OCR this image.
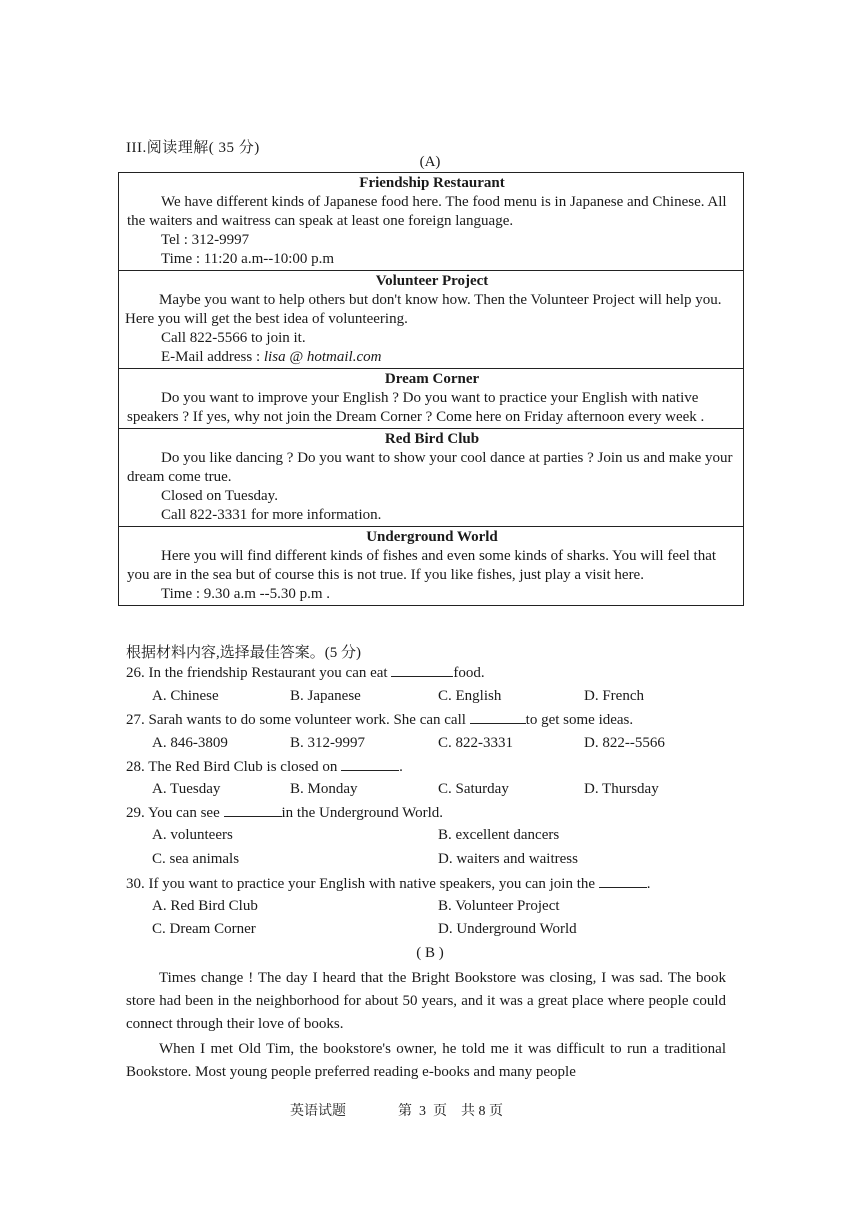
III.阅读理解( 35 分)
(A)
Friendship Restaurant

We have different kinds of Japanese food here. The food menu is in Japanese and Chinese. All the waiters and waitress can speak at least one foreign language.

Tel : 312-9997
Time : 11:20 a.m--10:00 p.m
Volunteer Project

Maybe you want to help others but don't know how. Then the Volunteer Project will help you. Here you will get the best idea of volunteering.

Call 822-5566 to join it.
E-Mail address : lisa @ hotmail.com
Dream Corner

Do you want to improve your English ? Do you want to practice your English with native speakers ? If yes, why not join the Dream Corner ? Come here on Friday afternoon every week .

Red Bird Club

Do you like dancing ? Do you want to show your cool dance at parties ? Join us and make your dream come true.

Closed on Tuesday.
Call 822-3331 for more information.
Underground World

Here you will find different kinds of fishes and even some kinds of sharks. You will feel that you are in the sea but of course this is not true. If you like fishes, just play a visit here.

Time : 9.30 a.m --5.30 p.m .
根据材料内容,选择最佳答案。(5 分)
26. In the friendship Restaurant you can eat	food.
A. Chinese	B. Japanese	C. English	D. French
27. Sarah wants to do some volunteer work. She can call	to get some ideas.
A. 846-3809	B. 312-9997	C. 822-3331	D. 822--5566
28. The Red Bird Club is closed on	.
A. Tuesday	B. Monday	C. Saturday	D. Thursday
29. You can see	in the Underground World.
A. volunteers	B. excellent dancers
C. sea animals	D. waiters and waitress
30. If you want to practice your English with native speakers, you can join the	.
A. Red Bird Club	B. Volunteer Project
C. Dream Corner	D. Underground World
( B )

Times change ! The day I heard that the Bright Bookstore was closing, I was sad. The book store had been in the neighborhood for about 50 years, and it was a great place where people could connect through their love of books.

When I met Old Tim, the bookstore's owner, he told me it was difficult to run a traditional Bookstore. Most young people preferred reading e-books and many people

英语试题	第 3 页 共 8 页
